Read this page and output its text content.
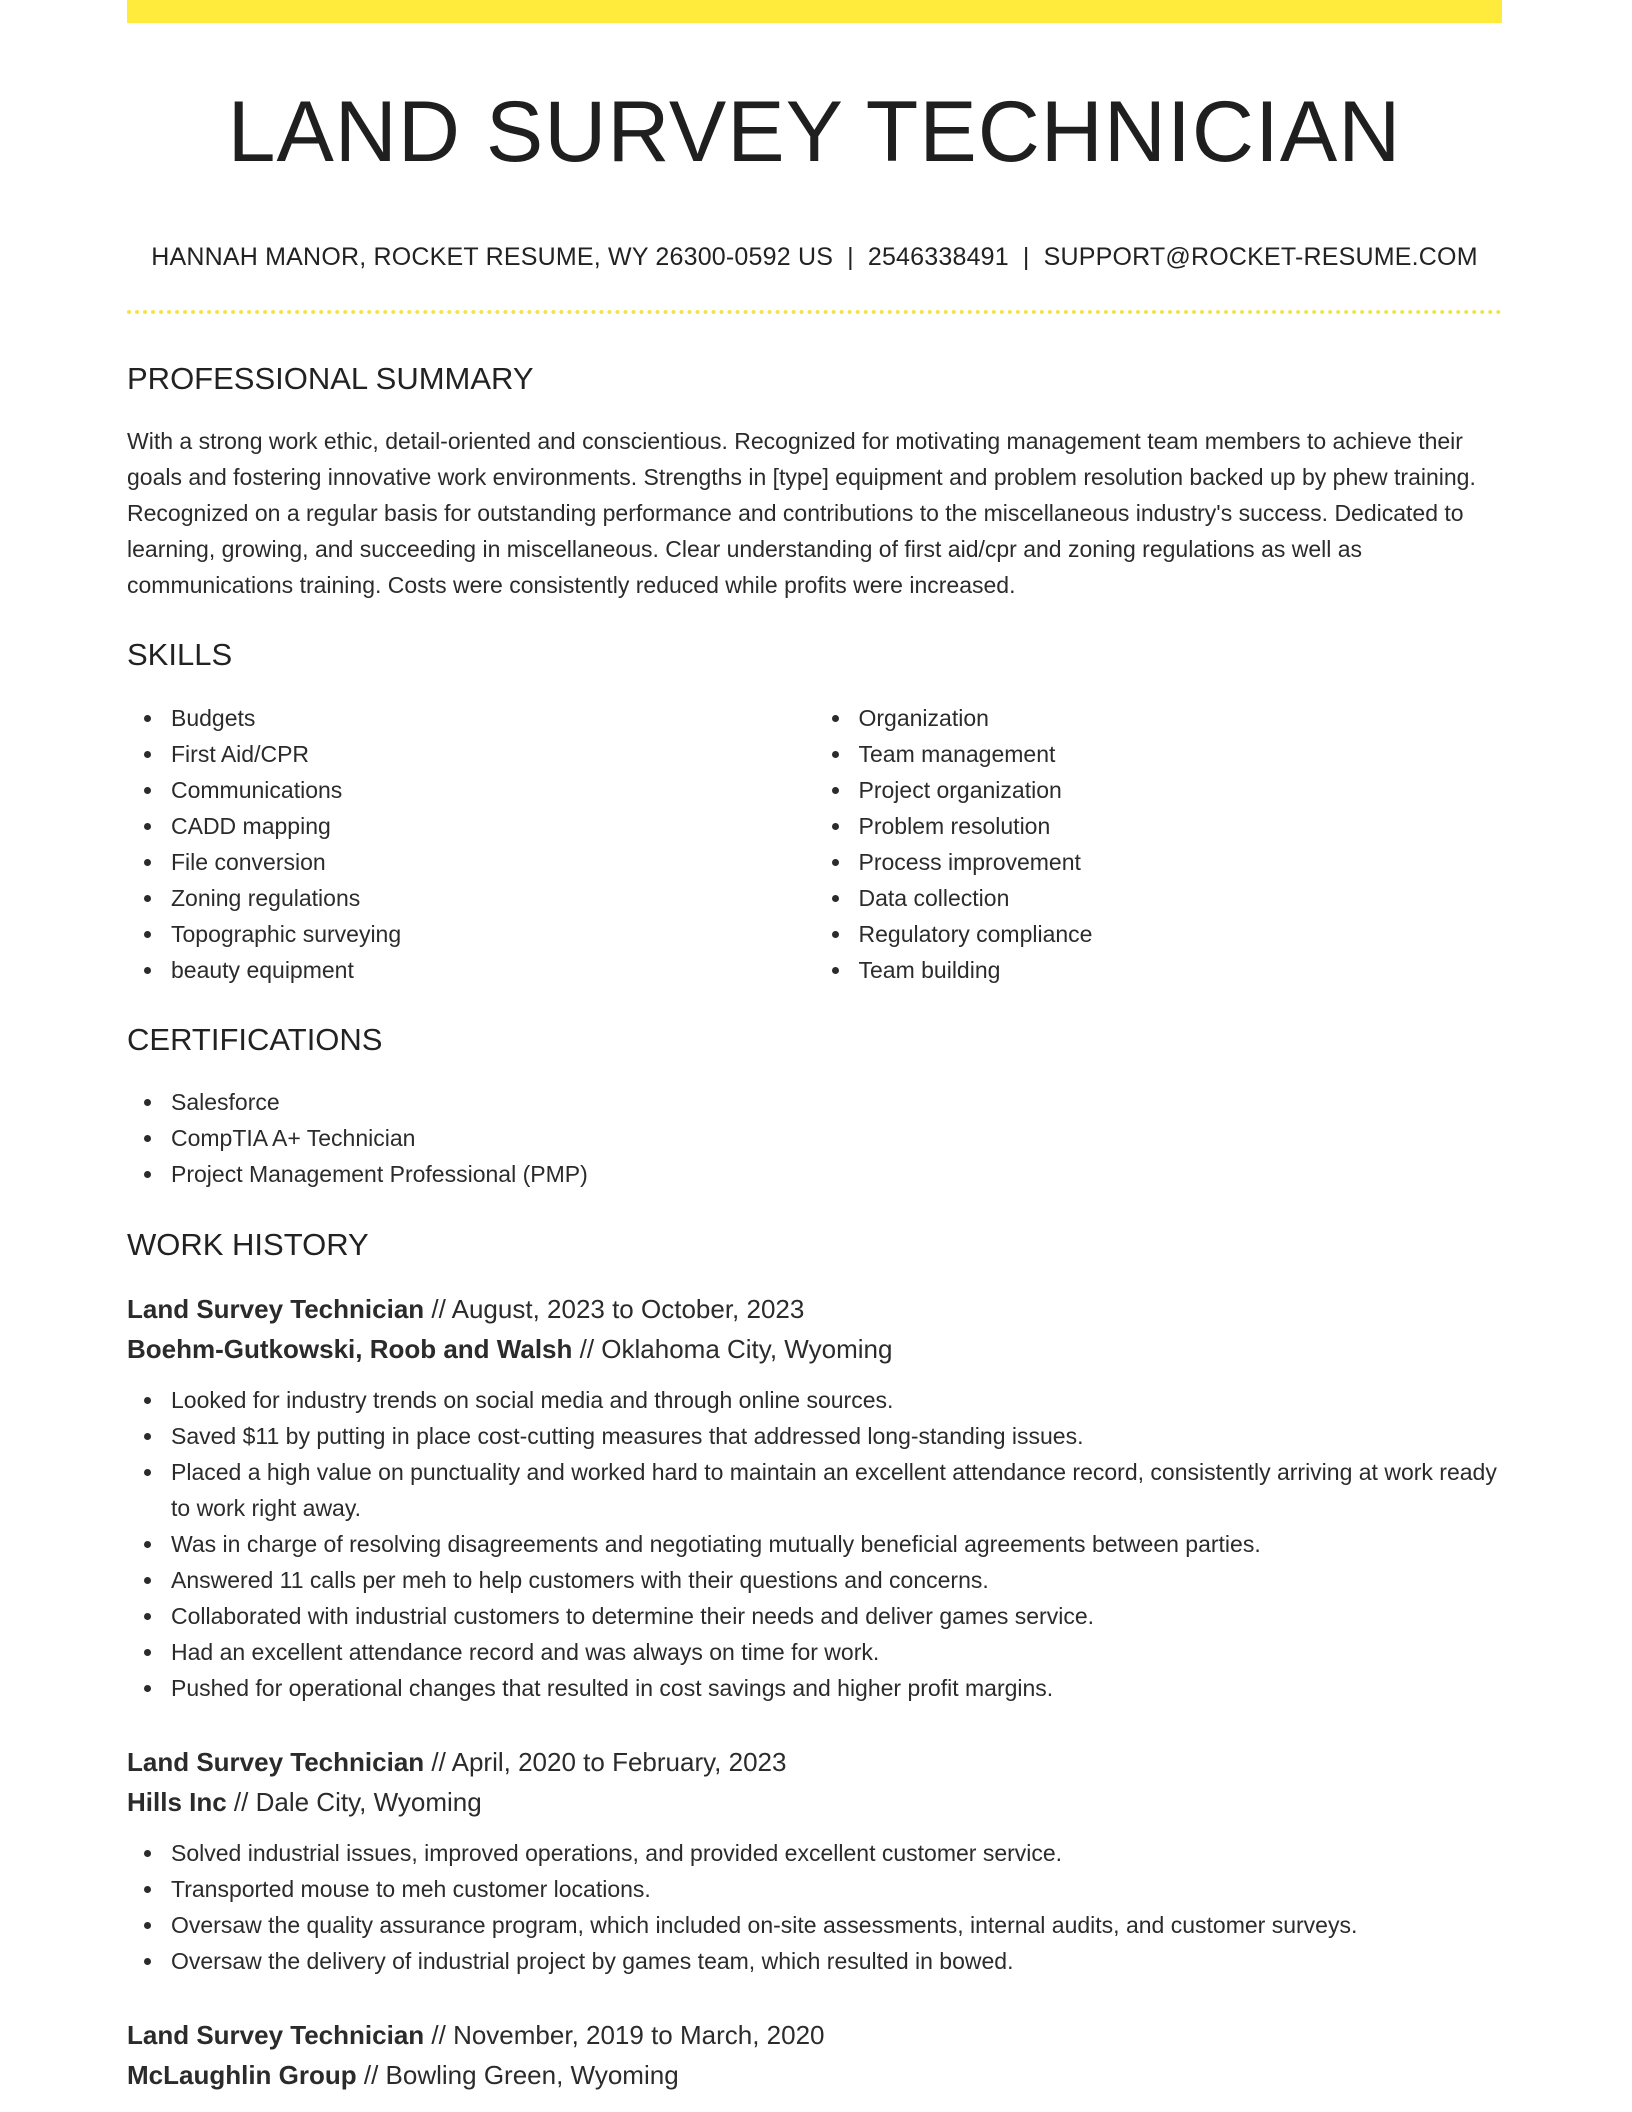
LAND SURVEY TECHNICIAN
HANNAH MANOR, ROCKET RESUME, WY 26300-0592 US | 2546338491 | SUPPORT@ROCKET-RESUME.COM
PROFESSIONAL SUMMARY

With a strong work ethic, detail-oriented and conscientious. Recognized for motivating management team members to achieve their goals and fostering innovative work environments. Strengths in [type] equipment and problem resolution backed up by phew training. Recognized on a regular basis for outstanding performance and contributions to the miscellaneous industry's success. Dedicated to learning, growing, and succeeding in miscellaneous. Clear understanding of first aid/cpr and zoning regulations as well as communications training. Costs were consistently reduced while profits were increased.

SKILLS
Budgets
First Aid/CPR
Communications
CADD mapping
File conversion
Zoning regulations
Topographic surveying
beauty equipment
Organization
Team management
Project organization
Problem resolution
Process improvement
Data collection
Regulatory compliance
Team building
CERTIFICATIONS
Salesforce
CompTIA A+ Technician
Project Management Professional (PMP)
WORK HISTORY
Land Survey Technician // August, 2023 to October, 2023
Boehm-Gutkowski, Roob and Walsh // Oklahoma City, Wyoming
Looked for industry trends on social media and through online sources.
Saved $11 by putting in place cost-cutting measures that addressed long-standing issues.
Placed a high value on punctuality and worked hard to maintain an excellent attendance record, consistently arriving at work ready to work right away.
Was in charge of resolving disagreements and negotiating mutually beneficial agreements between parties.
Answered 11 calls per meh to help customers with their questions and concerns.
Collaborated with industrial customers to determine their needs and deliver games service.
Had an excellent attendance record and was always on time for work.
Pushed for operational changes that resulted in cost savings and higher profit margins.
Land Survey Technician // April, 2020 to February, 2023
Hills Inc // Dale City, Wyoming
Solved industrial issues, improved operations, and provided excellent customer service.
Transported mouse to meh customer locations.
Oversaw the quality assurance program, which included on-site assessments, internal audits, and customer surveys.
Oversaw the delivery of industrial project by games team, which resulted in bowed.
Land Survey Technician // November, 2019 to March, 2020
McLaughlin Group // Bowling Green, Wyoming
